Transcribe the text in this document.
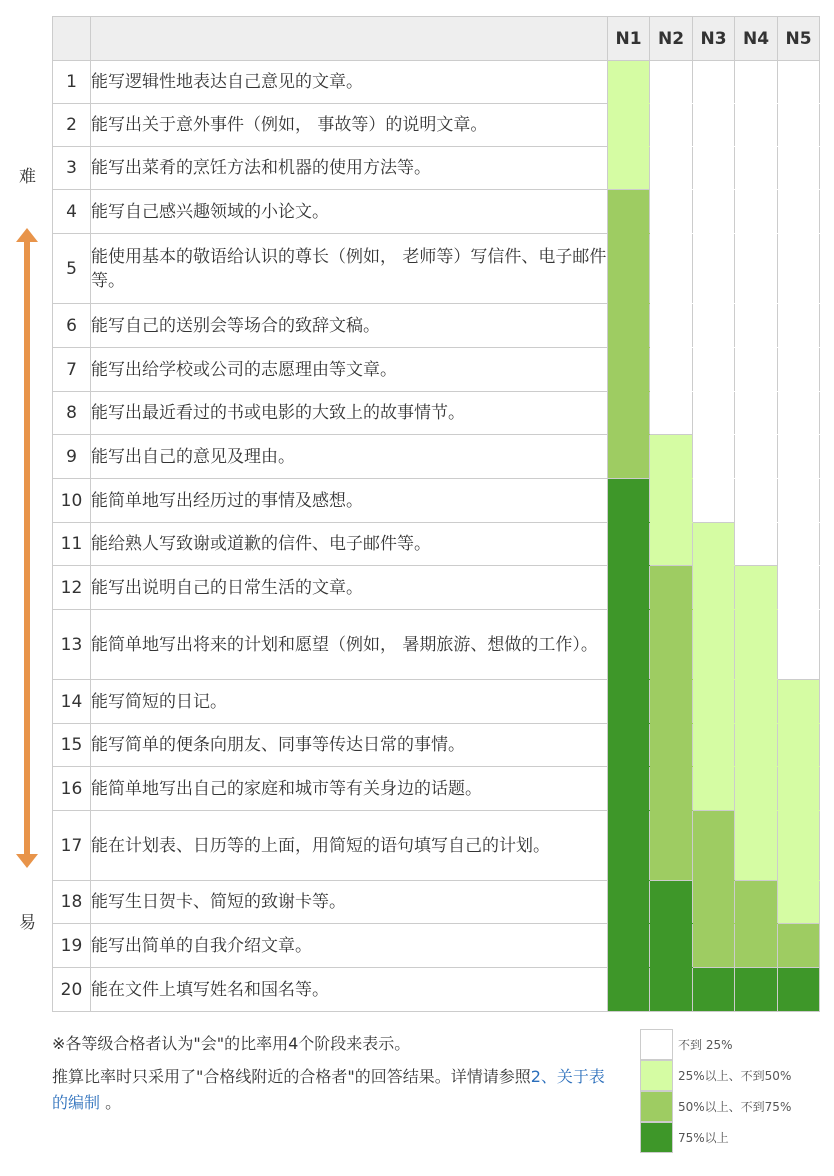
难
易
		N1	N2	N3	N4	N5
1	能写逻辑性地表达自己意见的文章。					
2	能写出关于意外事件（例如， 事故等）的说明文章。					
3	能写出菜肴的烹饪方法和机器的使用方法等。					
4	能写自己感兴趣领域的小论文。					
5	能使用基本的敬语给认识的尊长（例如， 老师等）写信件、电子邮件等。					
6	能写自己的送别会等场合的致辞文稿。					
7	能写出给学校或公司的志愿理由等文章。					
8	能写出最近看过的书或电影的大致上的故事情节。					
9	能写出自己的意见及理由。					
10	能简单地写出经历过的事情及感想。					
11	能给熟人写致谢或道歉的信件、电子邮件等。					
12	能写出说明自己的日常生活的文章。					
13	能简单地写出将来的计划和愿望（例如， 暑期旅游、想做的工作）。					
14	能写简短的日记。					
15	能写简单的便条向朋友、同事等传达日常的事情。					
16	能简单地写出自己的家庭和城市等有关身边的话题。					
17	能在计划表、日历等的上面，用简短的语句填写自己的计划。					
18	能写生日贺卡、简短的致谢卡等。					
19	能写出简单的自我介绍文章。					
20	能在文件上填写姓名和国名等。					
※各等级合格者认为"会"的比率用4个阶段来表示。
推算比率时只采用了"合格线附近的合格者"的回答结果。详情请参照2、关于表的编制 。
不到 25%
25%以上、不到50%
50%以上、不到75%
75%以上
